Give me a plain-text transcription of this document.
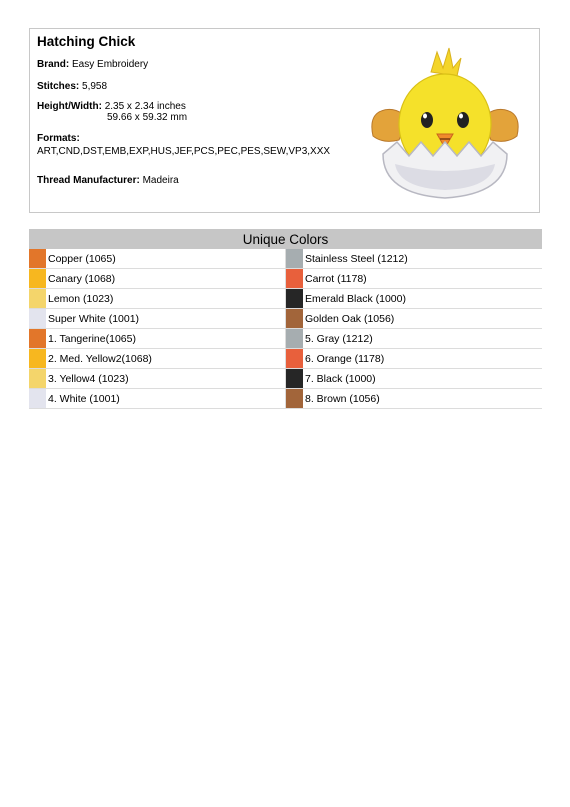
Hatching Chick
Brand: Easy Embroidery
Stitches: 5,958
Height/Width: 2.35 x 2.34 inches
59.66 x 59.32 mm
Formats:
ART,CND,DST,EMB,EXP,HUS,JEF,PCS,PEC,PES,SEW,VP3,XXX
Thread Manufacturer: Madeira
Unique Colors
Copper (1065)	Stainless Steel (1212)
Canary (1068)	Carrot (1178)
Lemon (1023)	Emerald Black (1000)
Super White (1001)	Golden Oak (1056)
1. Tangerine(1065)	5. Gray (1212)
2. Med. Yellow2(1068)	6. Orange (1178)
3. Yellow4 (1023)	7. Black (1000)
4. White (1001)	8. Brown (1056)
